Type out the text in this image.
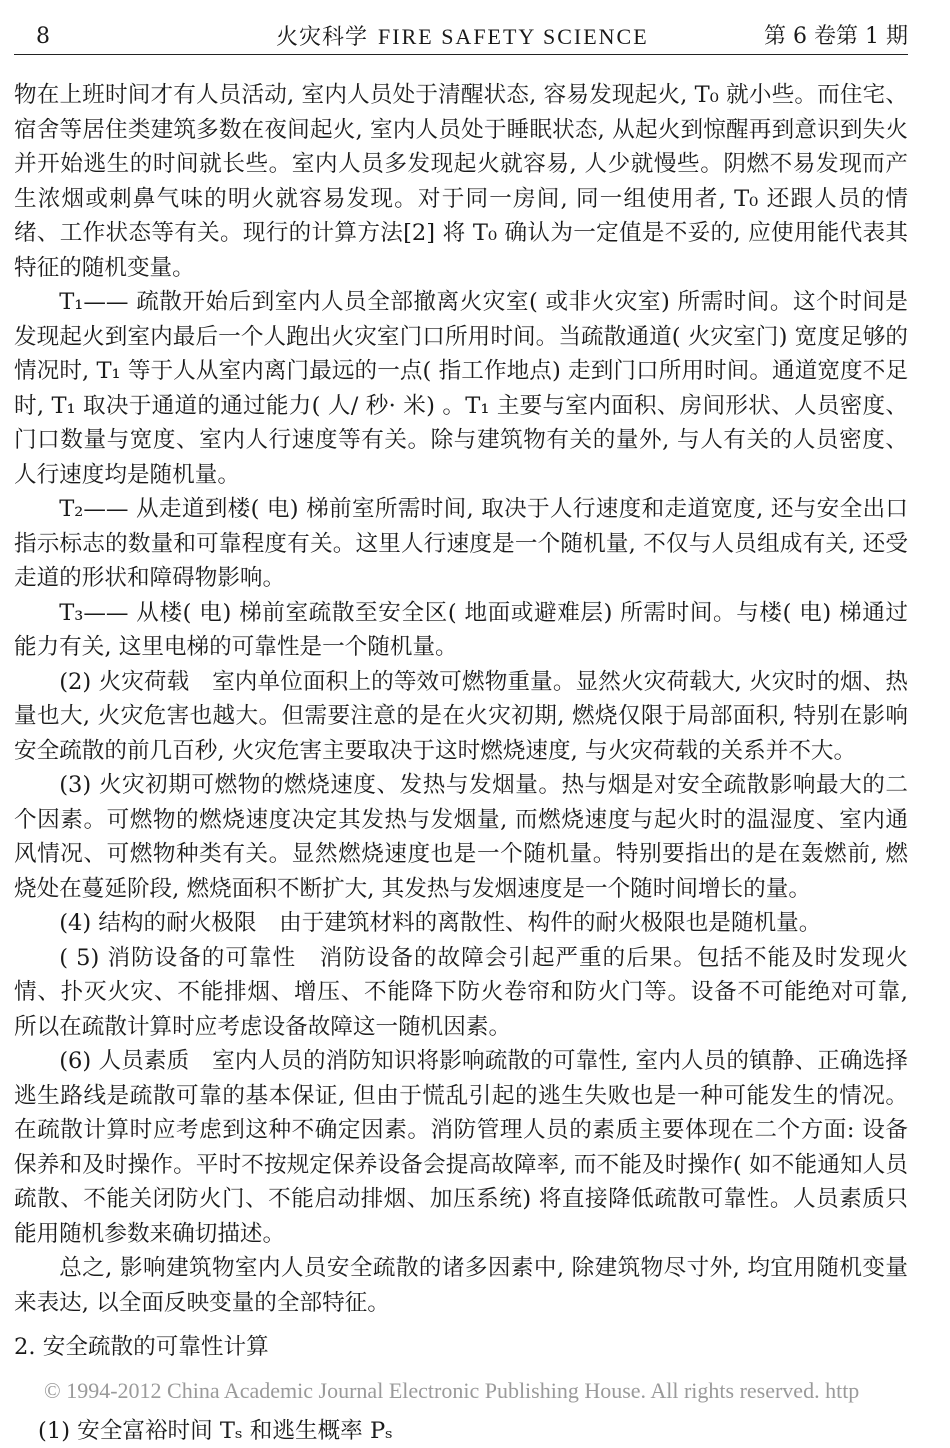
8	火灾科学 FIRE SAFETY SCIENCE	第 6 卷第 1 期

物在上班时间才有人员活动, 室内人员处于清醒状态, 容易发现起火, T₀ 就小些。而住宅、宿舍等居住类建筑多数在夜间起火, 室内人员处于睡眠状态, 从起火到惊醒再到意识到失火并开始逃生的时间就长些。室内人员多发现起火就容易, 人少就慢些。阴燃不易发现而产生浓烟或刺鼻气味的明火就容易发现。对于同一房间, 同一组使用者, T₀ 还跟人员的情绪、工作状态等有关。现行的计算方法[2] 将 T₀ 确认为一定值是不妥的, 应使用能代表其特征的随机变量。

T₁—— 疏散开始后到室内人员全部撤离火灾室( 或非火灾室) 所需时间。这个时间是发现起火到室内最后一个人跑出火灾室门口所用时间。当疏散通道( 火灾室门) 宽度足够的情况时, T₁ 等于人从室内离门最远的一点( 指工作地点) 走到门口所用时间。通道宽度不足时, T₁ 取决于通道的通过能力( 人/ 秒· 米) 。T₁ 主要与室内面积、房间形状、人员密度、门口数量与宽度、室内人行速度等有关。除与建筑物有关的量外, 与人有关的人员密度、人行速度均是随机量。

T₂—— 从走道到楼( 电) 梯前室所需时间, 取决于人行速度和走道宽度, 还与安全出口指示标志的数量和可靠程度有关。这里人行速度是一个随机量, 不仅与人员组成有关, 还受走道的形状和障碍物影响。

T₃—— 从楼( 电) 梯前室疏散至安全区( 地面或避难层) 所需时间。与楼( 电) 梯通过能力有关, 这里电梯的可靠性是一个随机量。

(2) 火灾荷载　室内单位面积上的等效可燃物重量。显然火灾荷载大, 火灾时的烟、热量也大, 火灾危害也越大。但需要注意的是在火灾初期, 燃烧仅限于局部面积, 特别在影响安全疏散的前几百秒, 火灾危害主要取决于这时燃烧速度, 与火灾荷载的关系并不大。

(3) 火灾初期可燃物的燃烧速度、发热与发烟量。热与烟是对安全疏散影响最大的二个因素。可燃物的燃烧速度决定其发热与发烟量, 而燃烧速度与起火时的温湿度、室内通风情况、可燃物种类有关。显然燃烧速度也是一个随机量。特别要指出的是在轰燃前, 燃烧处在蔓延阶段, 燃烧面积不断扩大, 其发热与发烟速度是一个随时间增长的量。

(4) 结构的耐火极限　由于建筑材料的离散性、构件的耐火极限也是随机量。

( 5) 消防设备的可靠性　消防设备的故障会引起严重的后果。包括不能及时发现火情、扑灭火灾、不能排烟、增压、不能降下防火卷帘和防火门等。设备不可能绝对可靠, 所以在疏散计算时应考虑设备故障这一随机因素。

(6) 人员素质　室内人员的消防知识将影响疏散的可靠性, 室内人员的镇静、正确选择逃生路线是疏散可靠的基本保证, 但由于慌乱引起的逃生失败也是一种可能发生的情况。在疏散计算时应考虑到这种不确定因素。消防管理人员的素质主要体现在二个方面: 设备保养和及时操作。平时不按规定保养设备会提高故障率, 而不能及时操作( 如不能通知人员疏散、不能关闭防火门、不能启动排烟、加压系统) 将直接降低疏散可靠性。人员素质只能用随机参数来确切描述。

总之, 影响建筑物室内人员安全疏散的诸多因素中, 除建筑物尽寸外, 均宜用随机变量来表达, 以全面反映变量的全部特征。

2. 安全疏散的可靠性计算

© 1994-2012 China Academic Journal Electronic Publishing House. All rights reserved. http
(1) 安全富裕时间 Tₛ 和逃生概率 Pₛ
